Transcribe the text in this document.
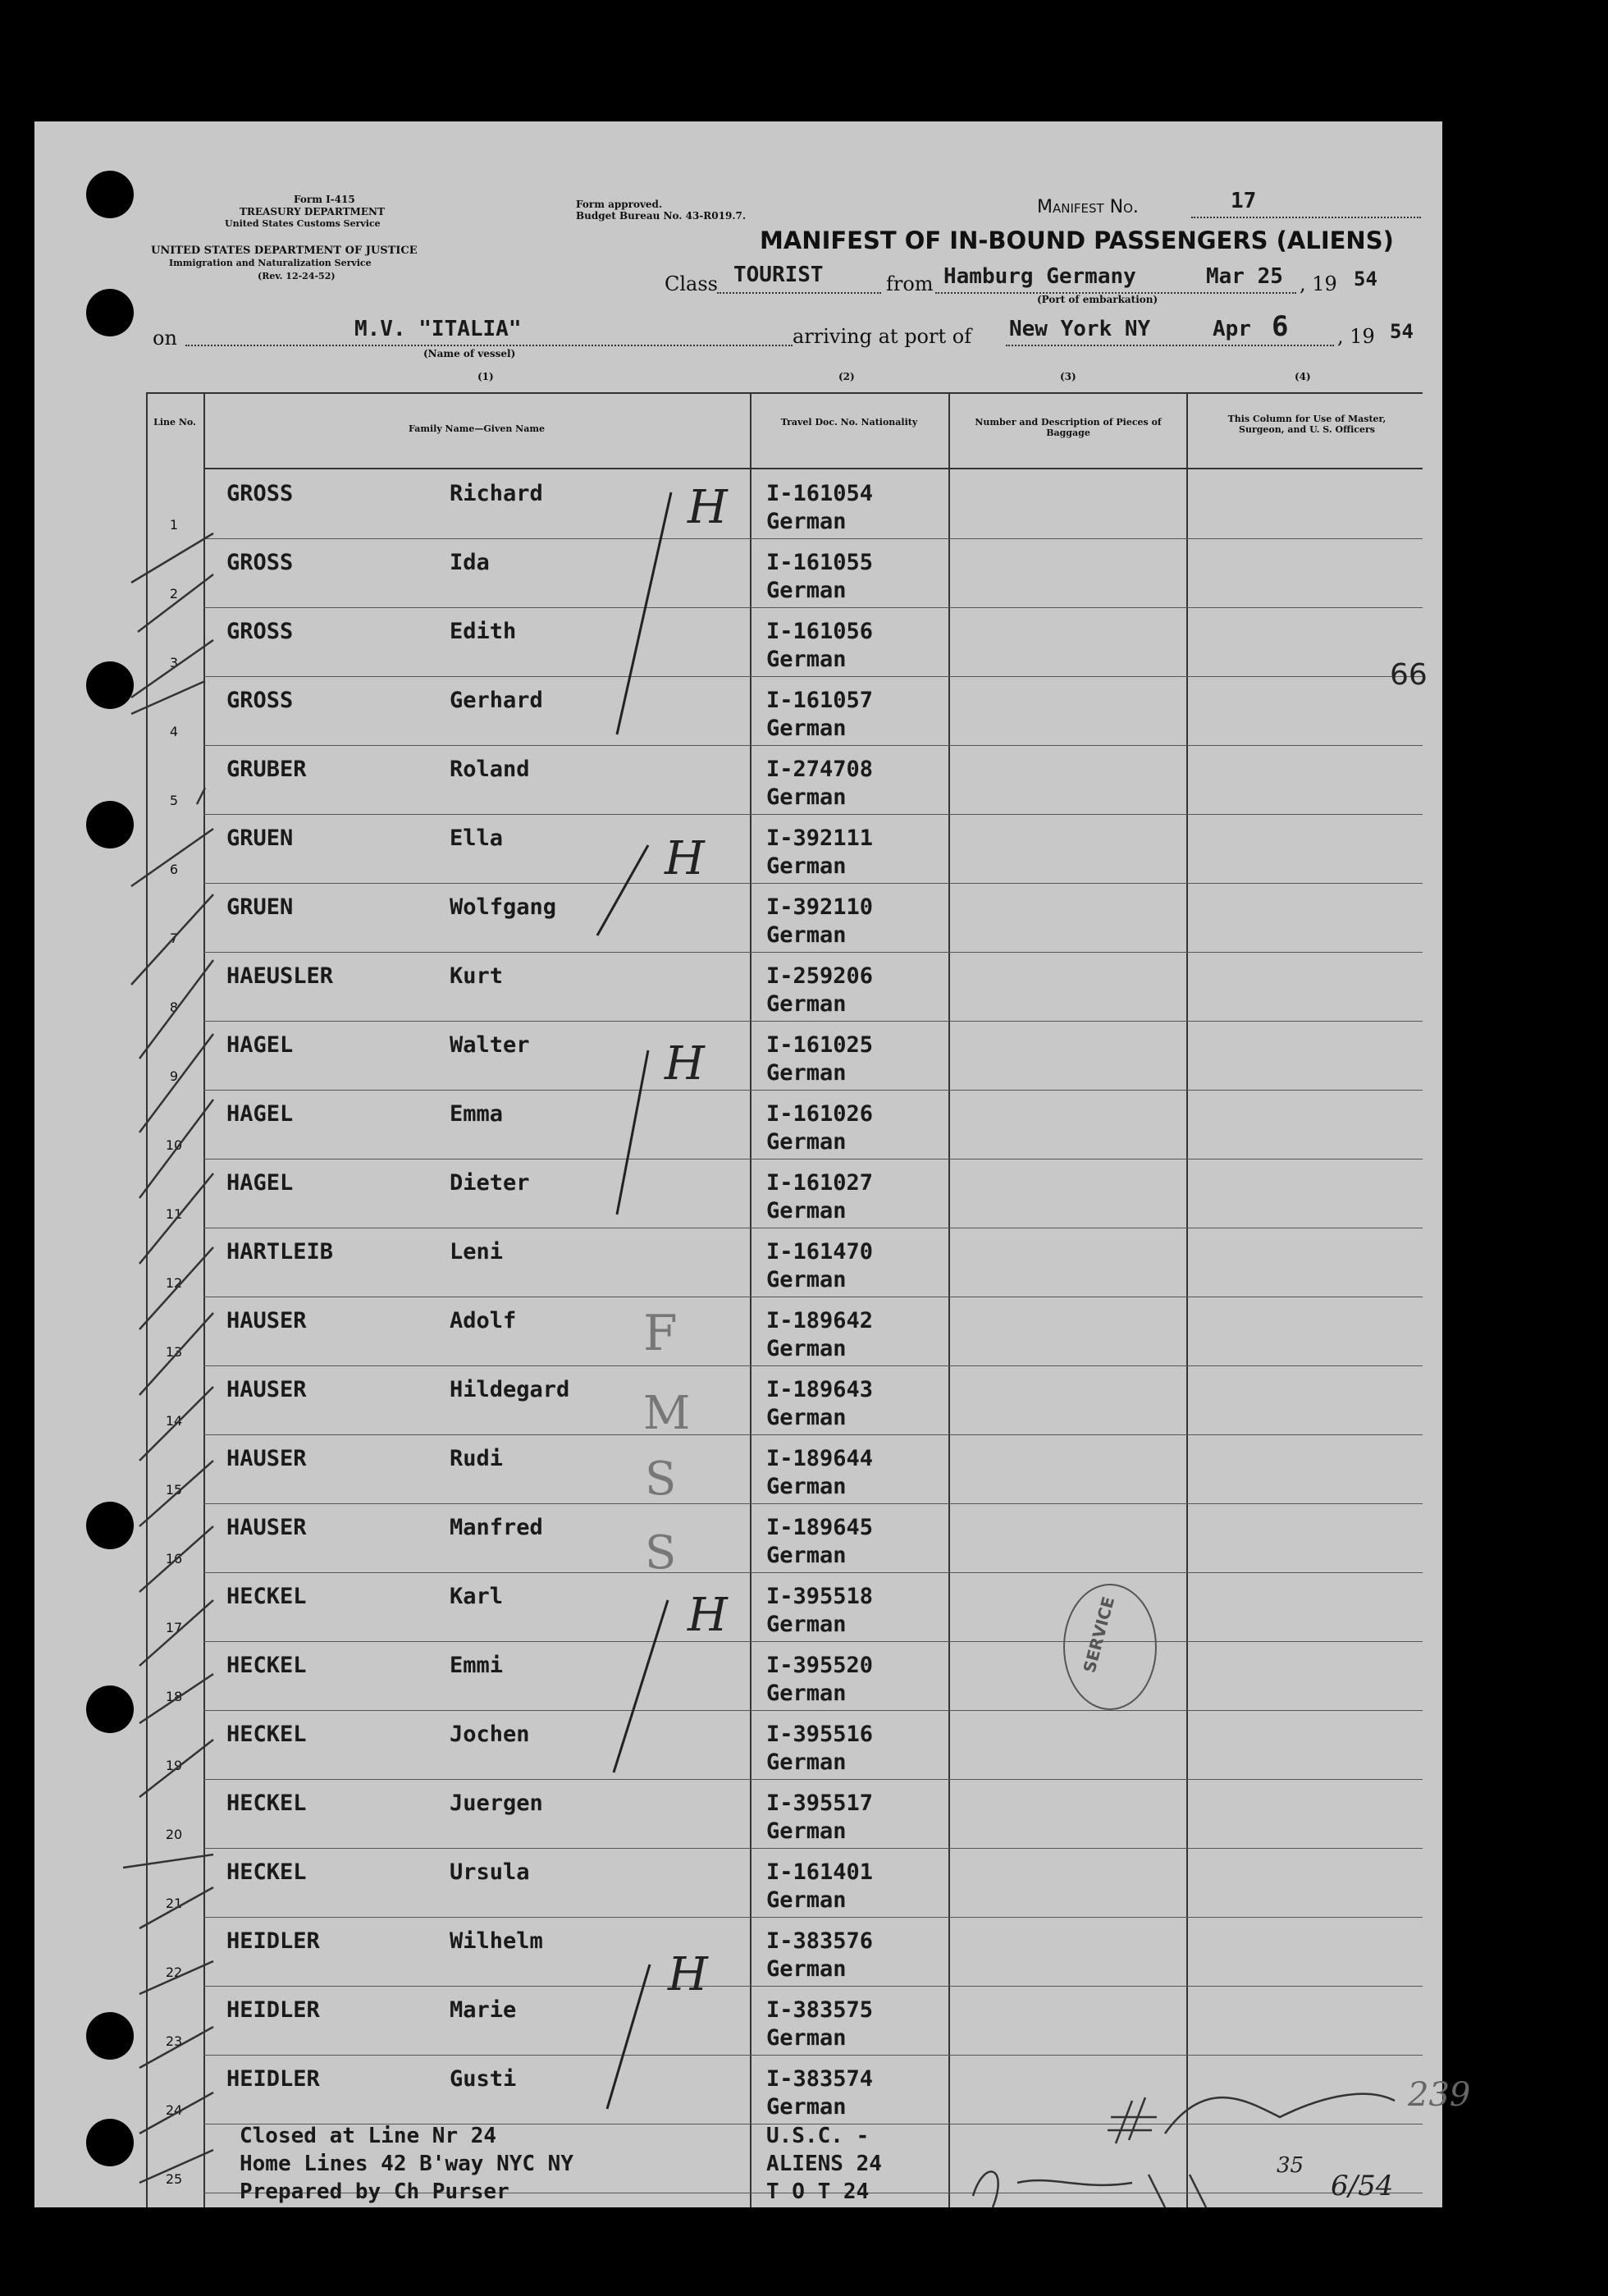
Form I-415
TREASURY DEPARTMENT
United States Customs Service
UNITED STATES DEPARTMENT OF JUSTICE
Immigration and Naturalization Service
(Rev. 12-24-52)
Form approved.
Budget Bureau No. 43-R019.7.	Manifest No.	17
MANIFEST OF IN-BOUND PASSENGERS (ALIENS)
Class TOURIST	from Hamburg Germany	Mar 25 , 19 54
(Port of embarkation)
on	M.V. "ITALIA"
(Name of vessel)
arriving at port of New York NY	Apr 6 , 19 54
(1)	(2)	(3)	(4)
Line No.
Family Name—Given Name
Travel Doc. No. Nationality	Number and Description of Pieces of Baggage
This Column for Use of Master, Surgeon, and U. S. Officers
1
GROSS	Richard	I-161054
German
2
GROSS	Ida	I-161055
German
3
GROSS	Edith	I-161056
German
4
GROSS	Gerhard	I-161057
German
5
GRUBER	Roland	I-274708
German
6
GRUEN	Ella	I-392111
German
7
GRUEN	Wolfgang	I-392110
German
8
HAEUSLER	Kurt	I-259206
German
9
HAGEL	Walter	I-161025
German
10
HAGEL	Emma	I-161026
German
11
HAGEL	Dieter	I-161027
German
12
HARTLEIB	Leni	I-161470
German
13
HAUSER	Adolf	I-189642
German
14
HAUSER	Hildegard	I-189643
German
15
HAUSER	Rudi	I-189644
German
16
HAUSER	Manfred	I-189645
German
17
HECKEL	Karl	I-395518
German
18
HECKEL	Emmi	I-395520
German
19
HECKEL	Jochen	I-395516
German
20
HECKEL	Juergen	I-395517
German
21
HECKEL	Ursula	I-161401
German
22
HEIDLER	Wilhelm	I-383576
German
23
HEIDLER	Marie	I-383575
German
24
HEIDLER	Gusti	I-383574
German
25
Closed at Line Nr 24
Home Lines 42 B'way NYC NY
Prepared by Ch Purser
U.S.C. -
ALIENS 24
T O T 24
66
H
H
H
H
H
F
M
S
S
SERVICE
239
35
6/54
